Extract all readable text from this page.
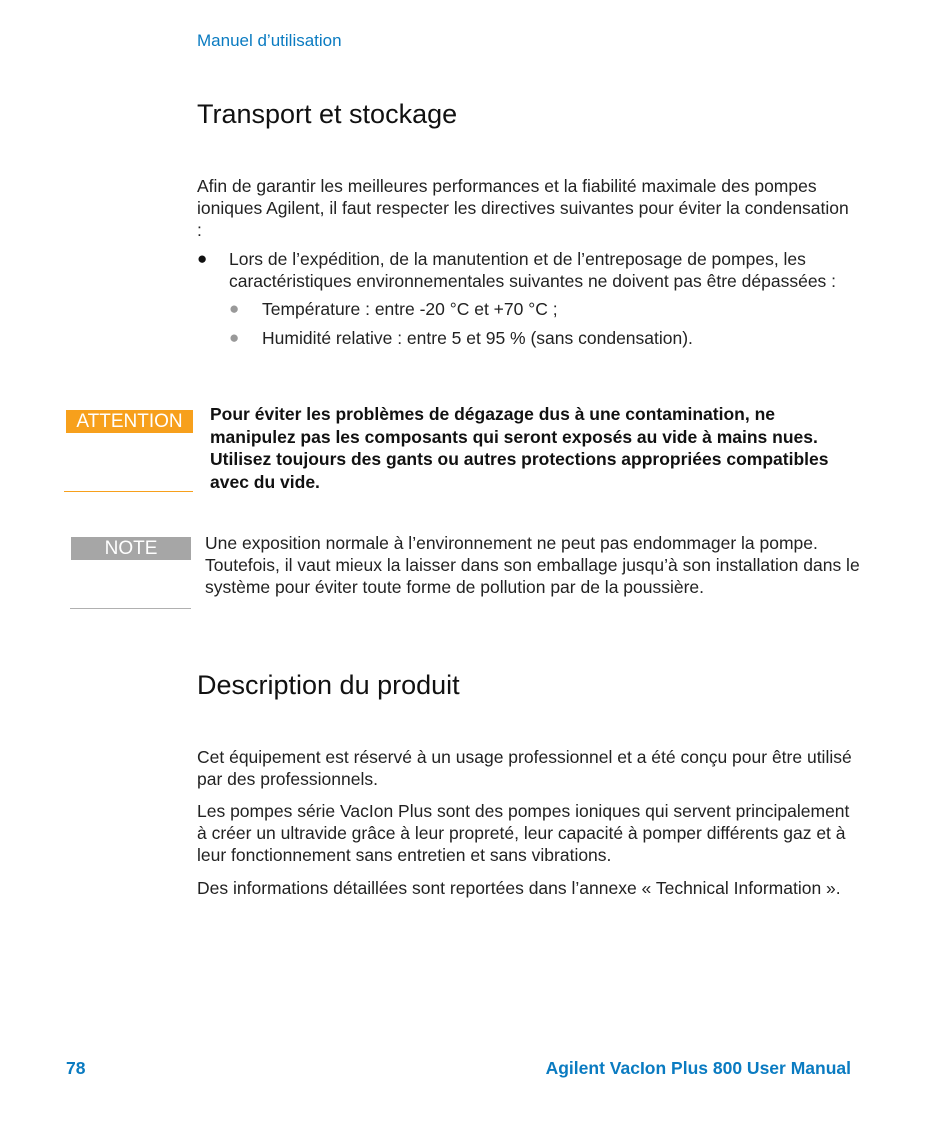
Manuel d’utilisation
Transport et stockage

Afin de garantir les meilleures performances et la fiabilité maximale des pompes ioniques Agilent, il faut respecter les directives suivantes pour éviter la condensation :

●	Lors de l’expédition, de la manutention et de l’entreposage de pompes, les caractéristiques environnementales suivantes ne doivent pas être dépassées :
● Température : entre -20 °C et +70 °C ;
● Humidité relative : entre 5 et 95 % (sans condensation).
ATTENTION	Pour éviter les problèmes de dégazage dus à une contamination, ne manipulez pas les composants qui seront exposés au vide à mains nues. Utilisez toujours des gants ou autres protections appropriées compatibles avec du vide.
NOTE	Une exposition normale à l’environnement ne peut pas endommager la pompe. Toutefois, il vaut mieux la laisser dans son emballage jusqu’à son installation dans le système pour éviter toute forme de pollution par de la poussière.
Description du produit

Cet équipement est réservé à un usage professionnel et a été conçu pour être utilisé par des professionnels.

Les pompes série VacIon Plus sont des pompes ioniques qui servent principalement à créer un ultravide grâce à leur propreté, leur capacité à pomper différents gaz et à leur fonctionnement sans entretien et sans vibrations.

Des informations détaillées sont reportées dans l’annexe « Technical Information ».

78	Agilent VacIon Plus 800 User Manual
